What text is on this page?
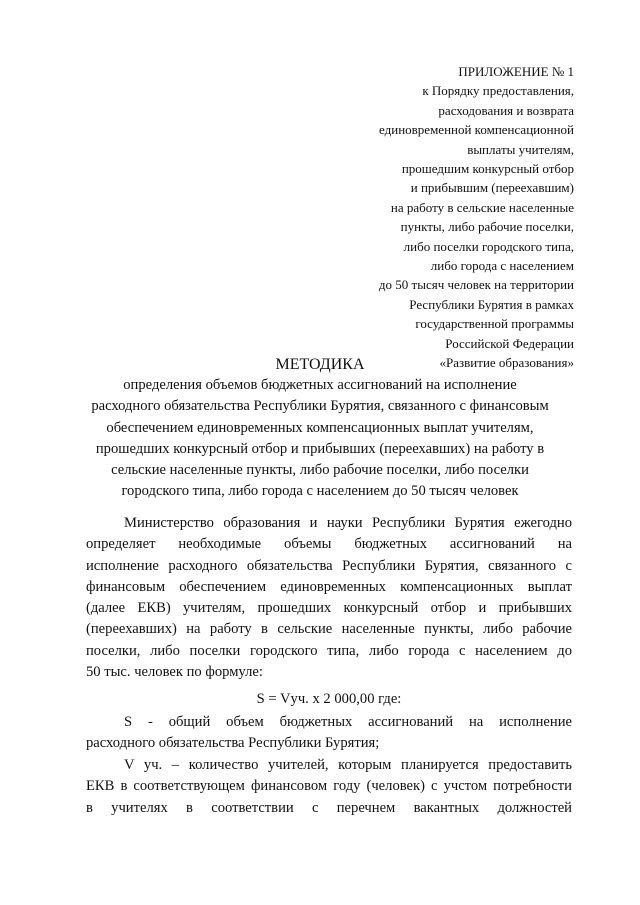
ПРИЛОЖЕНИЕ № 1
к Порядку предоставления,
расходования и возврата
единовременной компенсационной
выплаты учителям,
прошедшим конкурсный отбор
и прибывшим (переехавшим)
на работу в сельские населенные
пункты, либо рабочие поселки,
либо поселки городского типа,
либо города с населением
до 50 тысяч человек на территории
Республики Бурятия в рамках
государственной программы
Российской Федерации
«Развитие образования»
МЕТОДИКА
определения объемов бюджетных ассигнований на исполнение
расходного обязательства Республики Бурятия, связанного с финансовым
обеспечением единовременных компенсационных выплат учителям,
прошедших конкурсный отбор и прибывших (переехавших) на работу в
сельские населенные пункты, либо рабочие поселки, либо поселки
городского типа, либо города с населением до 50 тысяч человек
Министерство образования и науки Республики Бурятия ежегодно
определяет необходимые объемы бюджетных ассигнований на
исполнение расходного обязательства Республики Бурятия, связанного с
финансовым обеспечением единовременных компенсационных выплат
(далее ЕКВ) учителям, прошедших конкурсный отбор и прибывших
(переехавших) на работу в сельские населенные пункты, либо рабочие
поселки, либо поселки городского типа, либо города с населением до
50 тыс. человек по формуле:
S = Vуч. х 2 000,00 где:
S - общий объем бюджетных ассигнований на исполнение
расходного обязательства Республики Бурятия;
V уч. – количество учителей, которым планируется предоставить
ЕКВ в соответствующем финансовом году (человек) с учстом потребности
в учителях в соответствии с перечнем вакантных должностей
